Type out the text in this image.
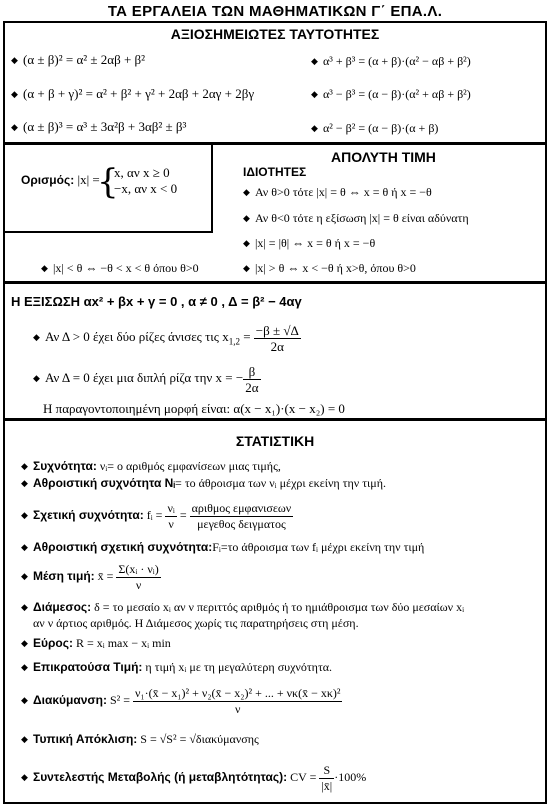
ΤΑ ΕΡΓΑΛΕΙΑ ΤΩΝ ΜΑΘΗΜΑΤΙΚΩΝ Γ΄ ΕΠΑ.Λ.
ΑΞΙΟΣΗΜΕΙΩΤΕΣ ΤΑΥΤΟΤΗΤΕΣ
◆ (α ± β)² = α² ± 2αβ + β²
◆ (α + β + γ)² = α² + β² + γ² + 2αβ + 2αγ + 2βγ
◆ (α ± β)³ = α³ ± 3α²β + 3αβ² ± β³
◆ α³ + β³ = (α + β)·(α² − αβ + β²)
◆ α³ − β³ = (α − β)·(α² + αβ + β²)
◆ α² − β² = (α − β)·(α + β)
Ορισμός: |x| =
{
x, αν x ≥ 0
−x, αν x < 0
ΑΠΟΛΥΤΗ ΤΙΜΗ
ΙΔΙΟΤΗΤΕΣ
◆ Αν θ>0 τότε |x| = θ ⇔ x = θ ή x = −θ
◆ Αν θ<0 τότε η εξίσωση |x| = θ είναι αδύνατη
◆ |x| = |θ| ⇔ x = θ ή x = −θ
◆ |x| > θ ⇔ x < −θ ή x>θ, όπου θ>0
◆ |x| < θ ⇔ −θ < x < θ όπου θ>0
Η ΕΞΙΣΩΣΗ αx² + βx + γ = 0 , α ≠ 0 , Δ = β² − 4αγ
◆ Αν Δ > 0 έχει δύο ρίζες άνισες τις $x_{1,2} = \frac{-\beta \pm √\Delta}{2\alpha}$
◆ Αν Δ = 0 έχει μια διπλή ρίζα την x = − $\frac{\beta}{2\alpha}$
Η παραγοντοποιημένη μορφή είναι: α(x − x₁)·(x − x₂) = 0
ΣΤΑΤΙΣΤΙΚΗ
◆ Συχνότητα: νᵢ= ο αριθμός εμφανίσεων μιας τιμής,
◆ Αθροιστική συχνότητα Nᵢ= το άθροισμα των νᵢ μέχρι εκείνη την τιμή.
◆ Σχετική συχνότητα: fᵢ = $\frac{\text{νᵢ}}{\nu} = \frac{\text{αριθμος εμφανισεων}}{\text{μεγεθος δειγματος}}$
◆ Αθροιστική σχετική συχνότητα:Fᵢ=το άθροισμα των fᵢ μέχρι εκείνη την τιμή
◆ Μέση τιμή: x̄ = $\frac{\text{Σ(xᵢ · νᵢ)}}{\nu}$
◆ Διάμεσος: δ = το μεσαίο xᵢ αν ν περιττός αριθμός ή το ημιάθροισμα των δύο μεσαίων xᵢ
αν ν άρτιος αριθμός. Η Διάμεσος χωρίς τις παρατηρήσεις στη μέση.
◆ Εύρος: R = xᵢ max − xᵢ min
◆ Επικρατούσα Τιμή: η τιμή xᵢ με τη μεγαλύτερη συχνότητα.
◆ Διακύμανση: $S^2 = \frac{\text{ν₁·(x̄ − x₁)² + ν₂(x̄ − x₂)² + ... + νκ(x̄ − xκ)²}}{\nu}$
◆ Τυπική Απόκλιση: S = √S² = √διακύμανσης
◆ Συντελεστής Μεταβολής (ή μεταβλητότητας): CV = $\frac{S}{|x̄|} \cdot 100\%$
